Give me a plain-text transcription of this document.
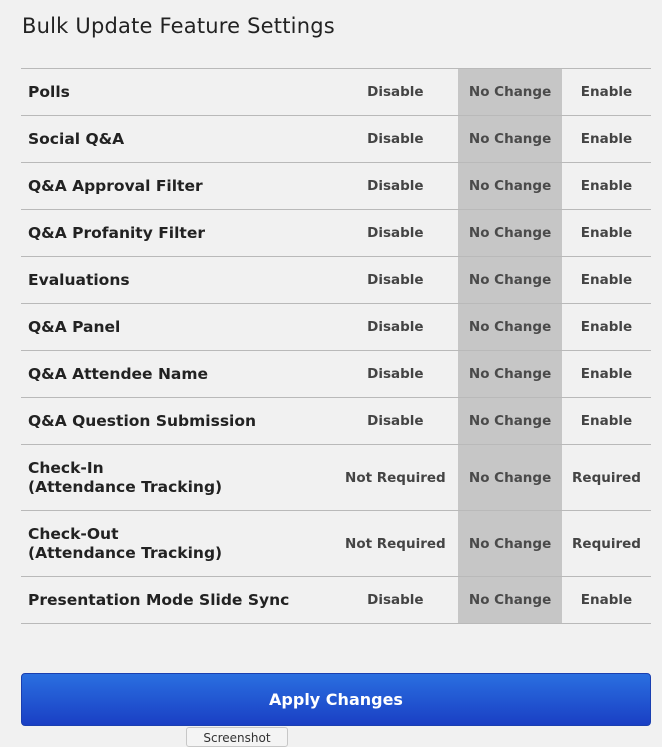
Bulk Update Feature Settings
Polls	Disable	No Change	Enable
Social Q&A	Disable	No Change	Enable
Q&A Approval Filter	Disable	No Change	Enable
Q&A Profanity Filter	Disable	No Change	Enable
Evaluations	Disable	No Change	Enable
Q&A Panel	Disable	No Change	Enable
Q&A Attendee Name	Disable	No Change	Enable
Q&A Question Submission	Disable	No Change	Enable
Check-In
(Attendance Tracking)	Not Required	No Change	Required
Check-Out
(Attendance Tracking)	Not Required	No Change	Required
Presentation Mode Slide Sync	Disable	No Change	Enable
Apply Changes
Screenshot
